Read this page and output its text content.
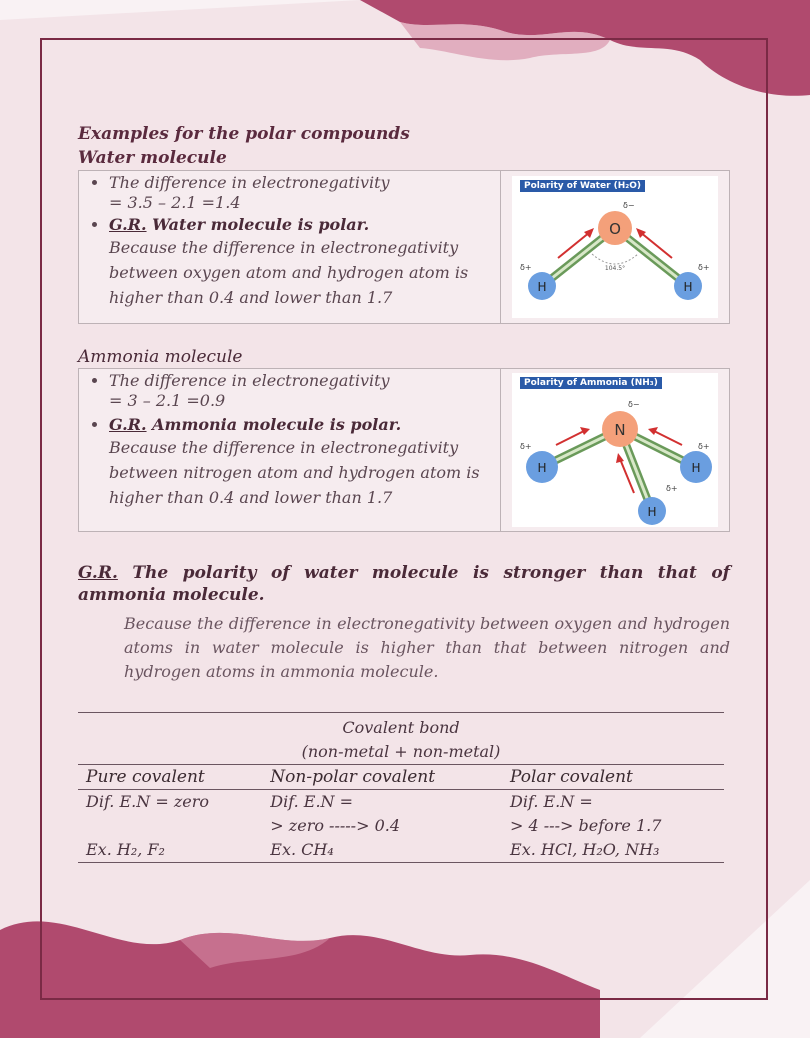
Examples for the polar compounds
Water molecule
• The difference in electronegativity
= 3.5 – 2.1 =1.4
• G.R. Water molecule is polar.
Because the difference in electronegativity between oxygen atom and hydrogen atom is higher than 0.4 and lower than 1.7
Polarity of Water (H₂O)
O
H	H
104.5°
δ−
δ+	δ+
Ammonia molecule
• The difference in electronegativity
= 3 – 2.1 =0.9
• G.R. Ammonia molecule is polar.
Because the difference in electronegativity between nitrogen atom and hydrogen atom is higher than 0.4 and lower than 1.7
Polarity of Ammonia (NH₃)
N
H	H
H
δ−
δ+	δ+
δ+
G.R. The polarity of water molecule is stronger than that of ammonia molecule.
Because the difference in electronegativity between oxygen and hydrogen atoms in water molecule is higher than that between nitrogen and hydrogen atoms in ammonia molecule.
Covalent bond		
(non-metal + non-metal)		
Pure covalent	Non-polar covalent	Polar covalent
Dif. E.N = zero	Dif. E.N =	Dif. E.N =
	> zero -----> 0.4	> 4 ---> before 1.7
Ex. H₂, F₂	Ex. CH₄	Ex. HCl, H₂O, NH₃
